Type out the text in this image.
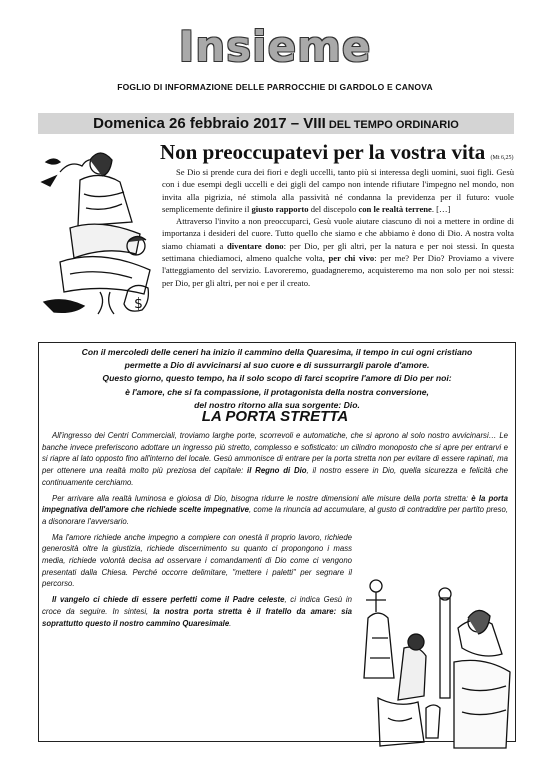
Insieme
FOGLIO DI INFORMAZIONE DELLE PARROCCHIE DI GARDOLO E CANOVA
Domenica 26 febbraio 2017 – VIII DEL TEMPO ORDINARIO
$
Non preoccupatevi per la vostra vita (Mt 6,25)

Se Dio si prende cura dei fiori e degli uccelli, tanto più si interessa degli uomini, suoi figli. Gesù con i due esempi degli uccelli e dei gigli del campo non intende rifiutare l'impegno nel mondo, non invita alla pigrizia, né stimola alla passività né condanna la previdenza per il futuro: vuole semplicemente definire il giusto rapporto del discepolo con le realtà terrene. […]

Attraverso l'invito a non preoccuparci, Gesù vuole aiutare ciascuno di noi a mettere in ordine di importanza i desideri del cuore. Tutto quello che siamo e che abbiamo è dono di Dio. A nostra volta siamo chiamati a diventare dono: per Dio, per gli altri, per la natura e per noi stessi. In questa settimana chiediamoci, almeno qualche volta, per chi vivo: per me? Per Dio? Proviamo a vivere l'atteggiamento del servizio. Lavoreremo, guadagneremo, acquisteremo ma non solo per noi stessi: per Dio, per gli altri, per noi e per il creato.

Con il mercoledì delle ceneri ha inizio il cammino della Quaresima, il tempo in cui ogni cristiano
permette a Dio di avvicinarsi al suo cuore e di sussurrargli parole d'amore.
Questo giorno, questo tempo, ha il solo scopo di farci scoprire l'amore di Dio per noi:
è l'amore, che si fa compassione, il protagonista della nostra conversione,
del nostro ritorno alla sua sorgente: Dio.
LA PORTA STRETTA

All'ingresso dei Centri Commerciali, troviamo larghe porte, scorrevoli e automatiche, che si aprono al solo nostro avvicinarsi… Le banche invece preferiscono adottare un ingresso più stretto, complesso e sofisticato: un cilindro monoposto che si apre per entrarvi e si riapre al lato opposto fino all'interno del locale. Gesù ammonisce di entrare per la porta stretta non per evitare di essere rapinati, ma per ottenere una realtà molto più preziosa del capitale: il Regno di Dio, il nostro essere in Dio, quella sicurezza e felicità che continuamente cerchiamo.

Per arrivare alla realtà luminosa e gioiosa di Dio, bisogna ridurre le nostre dimensioni alle misure della porta stretta: è la porta impegnativa dell'amore che richiede scelte impegnative, come la rinuncia ad accumulare, al gusto di contraddire per partito preso, a disonorare l'avversario.

Ma l'amore richiede anche impegno a compiere con onestà il proprio lavoro, richiede generosità oltre la giustizia, richiede discernimento su quanto ci propongono i mass media, richiede volontà decisa ad osservare i comandamenti di Dio come ci vengono presentati dalla Chiesa. Perché occorre delimitare, "mettere i paletti" per segnare il percorso.

Il vangelo ci chiede di essere perfetti come il Padre celeste, ci indica Gesù in croce da seguire. In sintesi, la nostra porta stretta è il fratello da amare: sia soprattutto questo il nostro cammino Quaresimale.
